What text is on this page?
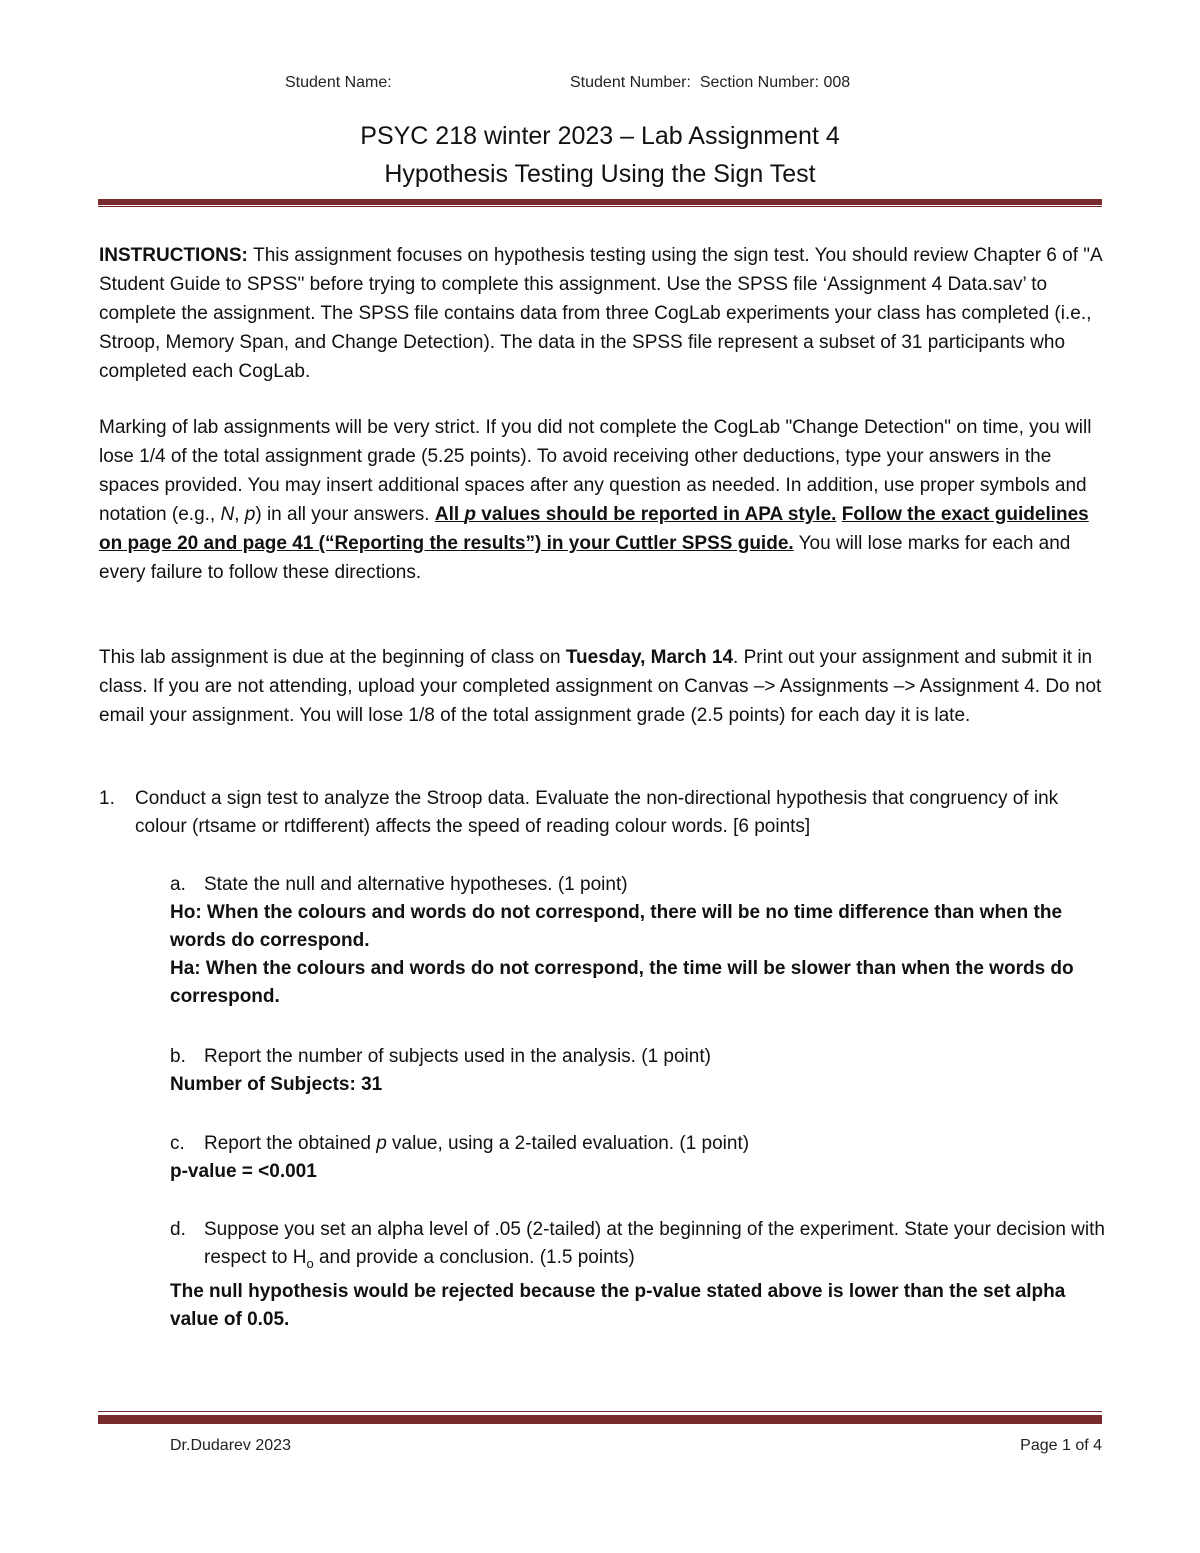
Student Name:	Student Number: Section Number: 008
PSYC 218 winter 2023 – Lab Assignment 4
Hypothesis Testing Using the Sign Test

INSTRUCTIONS: This assignment focuses on hypothesis testing using the sign test. You should review Chapter 6 of "A Student Guide to SPSS" before trying to complete this assignment. Use the SPSS file ‘Assignment 4 Data.sav’ to complete the assignment. The SPSS file contains data from three CogLab experiments your class has completed (i.e., Stroop, Memory Span, and Change Detection). The data in the SPSS file represent a subset of 31 participants who completed each CogLab.

Marking of lab assignments will be very strict. If you did not complete the CogLab "Change Detection" on time, you will lose 1/4 of the total assignment grade (5.25 points). To avoid receiving other deductions, type your answers in the spaces provided. You may insert additional spaces after any question as needed. In addition, use proper symbols and notation (e.g., N, p) in all your answers. All p values should be reported in APA style. Follow the exact guidelines on page 20 and page 41 (“Reporting the results”) in your Cuttler SPSS guide. You will lose marks for each and every failure to follow these directions.

This lab assignment is due at the beginning of class on Tuesday, March 14. Print out your assignment and submit it in class. If you are not attending, upload your completed assignment on Canvas –> Assignments –> Assignment 4. Do not email your assignment. You will lose 1/8 of the total assignment grade (2.5 points) for each day it is late.

1. Conduct a sign test to analyze the Stroop data. Evaluate the non-directional hypothesis that congruency of ink colour (rtsame or rtdifferent) affects the speed of reading colour words. [6 points]
a. State the null and alternative hypotheses. (1 point)
Ho: When the colours and words do not correspond, there will be no time difference than when the words do correspond.
Ha: When the colours and words do not correspond, the time will be slower than when the words do correspond.
b. Report the number of subjects used in the analysis. (1 point)
Number of Subjects: 31
c. Report the obtained p value, using a 2-tailed evaluation. (1 point)
p-value = <0.001
d. Suppose you set an alpha level of .05 (2-tailed) at the beginning of the experiment. State your decision with respect to $H_o$ and provide a conclusion. (1.5 points)
The null hypothesis would be rejected because the p-value stated above is lower than the set alpha value of 0.05.
Dr.Dudarev 2023	Page 1 of 4
